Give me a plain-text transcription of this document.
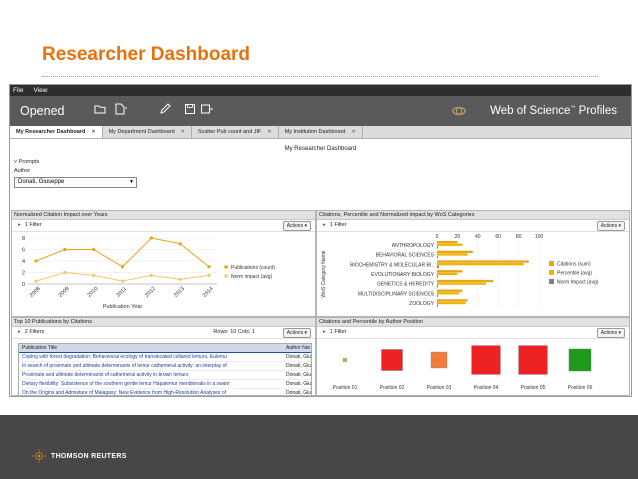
Researcher Dashboard
File View
Opened	Web of Science™ Profiles
My Researcher Dashboard ✕ My Department Dashboard ✕ Scatter Pub count and JIF ✕ My Institution Dashboard ✕
My Researcher Dashboard
˅ Prompts
Author
Donati, Giuseppe	▼
Normalized Citation Impact over Years
▸ 1 Filter	Actions ▾
0
2
4
6
8
2008	2009	2010	2011	2012	2013	2014
Publication Year
Publications (count)
Norm impact (avg)
Citations, Percentile and Normalized impact by WoS Categories
▸ 1 Filter	Actions ▾
0	20	40	60	80	100
WoS Category Name
ANTHROPOLOGY
BEHAVIORAL SCIENCES
BIOCHEMISTRY & MOLECULAR BI..
EVOLUTIONARY BIOLOGY
GENETICS & HEREDITY
MULTIDISCIPLINARY SCIENCES
ZOOLOGY
Citations (sum)
Percentile (avg)
Norm Impact (avg)
Top 10 Publications by Citations
▸ 2 Filters	Rows: 10 Cols: 1	Actions ▾
Publication Title	Author Nar
Coping with forest degradation: Behavioural ecology of translocated collared lemurs, Eulemu	Donati, Giu
In search of proximate and ultimate determinants of lemur cathemeral activity: an interplay of	Donati, Giu
Proximate and ultimate determinants of cathemeral activity in brown lemurs	Donati, Giu
Dietary flexibility: Subsistence of the southern gentle lemur Hapalemur meridionalis in a swam	Donati, Giu
On the Origins and Admixture of Malagasy: New Evidence from High-Resolution Analyses of	Donati, Giu
Citations and Percentile by Author Position
▸ 1 Filter	Actions ▾
Position 01	Position 02	Position 03	Position 04	Position 05	Position 06
THOMSON REUTERS
